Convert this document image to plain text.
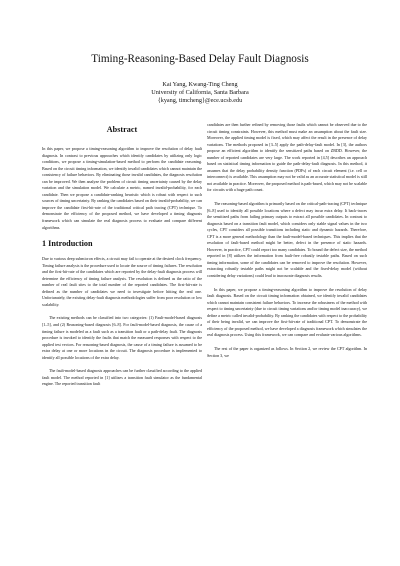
Timing-Reasoning-Based Delay Fault Diagnosis
Kai Yang, Kwang-Ting Cheng
University of California, Santa Barbara
{kyang, timcheng}@ece.ucsb.edu
Abstract

In this paper, we propose a timing-reasoning algorithm to improve the resolution of delay fault diagnosis. In contrast to previous approaches which identify candidates by utilizing only logic conditions, we propose a timing-simulation-based method to perform the candidate reasoning. Based on the circuit timing information, we identify invalid candidates which cannot maintain the consistency of failure behaviors. By eliminating those invalid candidates, the diagnosis resolution can be improved. We then analyze the problem of circuit timing uncertainty caused by the delay variation and the simulation model. We calculate a metric, named invalid-probability, for each candidate. Then we propose a candidate-ranking heuristic which is robust with respect to such sources of timing uncertainty. By ranking the candidates based on their invalid-probability, we can improve the candidate first-hit-rate of the traditional critical path tracing (CPT) technique. To demonstrate the efficiency of the proposed method, we have developed a timing diagnosis framework which can simulate the real diagnosis process to evaluate and compare different algorithms.

1 Introduction

Due to various deep submicron effects, a circuit may fail to operate at the desired clock frequency. Timing failure analysis is the procedure used to locate the source of timing failures. The resolution and the first-hit-rate of the candidates which are reported by the delay-fault diagnosis process will determine the efficiency of timing failure analysis. The resolution is defined as the ratio of the number of real fault sites to the total number of the reported candidates. The first-hit-rate is defined as the number of candidates we need to investigate before hitting the real one. Unfortunately, the existing delay-fault diagnosis methodologies suffer from poor resolution or low scalability.

The existing methods can be classified into two categories: (1) Fault-model-based diagnosis [1–5], and (2) Reasoning-based diagnosis [6–8]. For fault-model-based diagnosis, the cause of a timing failure is modeled as a fault such as a transition fault or a path-delay fault. The diagnosis procedure is invoked to identify the faults that match the measured responses with respect to the applied test vectors. For reasoning-based diagnosis, the cause of a timing failure is assumed to be extra delay at one or more locations in the circuit. The diagnosis procedure is implemented to identify all possible locations of the extra delay.

The fault-model-based diagnosis approaches can be further classified according to the applied fault model. The method reported in [1] utilizes a transition fault simulator as the fundamental engine. The reported transition fault

candidates are then further refined by removing those faults which cannot be observed due to the circuit timing constraints. However, this method must make an assumption about the fault size. Moreover, the applied timing model is fixed, which may affect the result in the presence of delay variations. The methods proposed in [3–5] apply the path-delay-fault model. In [3], the authors propose an efficient algorithm to identify the sensitized paths based on ZBDD. However, the number of reported candidates are very large. The work reported in [4,5] describes an approach based on statistical timing information to guide the path-delay-fault diagnosis. In this method, it assumes that the delay probability density function (PDFs) of each circuit element (i.e. cell or interconnect) is available. This assumption may not be valid as an accurate statistical model is still not available in practice. Moreover, the proposed method is path-based, which may not be scalable for circuits with a huge path count.

The reasoning-based algorithm is primarily based on the critical-path-tracing (CPT) technique [6–8] used to identify all possible locations where a defect may incur extra delay. It back-traces the sensitized paths from failing primary outputs to extract all possible candidates. In contrast to diagnosis based on a transition fault model, which considers only stable signal values in the two cycles, CPT considers all possible transitions including static and dynamic hazards. Therefore, CPT is a more general methodology than the fault-model-based techniques. This implies that the resolution of fault-based method might be better, defect in the presence of static hazards. However, in practice, CPT could report too many candidates. To bound the defect size, the method reported in [8] utilizes the information from fault-free robustly testable paths. Based on such timing information, some of the candidates can be removed to improve the resolution. However, extracting robustly testable paths might not be scalable and the fixed-delay model (without considering delay variations) could lead to inaccurate diagnosis results.

In this paper, we propose a timing-reasoning algorithm to improve the resolution of delay fault diagnosis. Based on the circuit timing information obtained, we identify invalid candidates which cannot maintain consistent failure behaviors. To increase the robustness of the method with respect to timing uncertainty (due to circuit timing variations and/or timing model inaccuracy), we define a metric called invalid-probability. By ranking the candidates with respect to the probability of their being invalid, we can improve the first-hit-rate of traditional CPT. To demonstrate the efficiency of the proposed method, we have developed a diagnosis framework which simulates the real diagnosis process. Using this framework, we can compare and evaluate various algorithms.

The rest of the paper is organized as follows. In Section 2, we review the CPT algorithm. In Section 3, we
